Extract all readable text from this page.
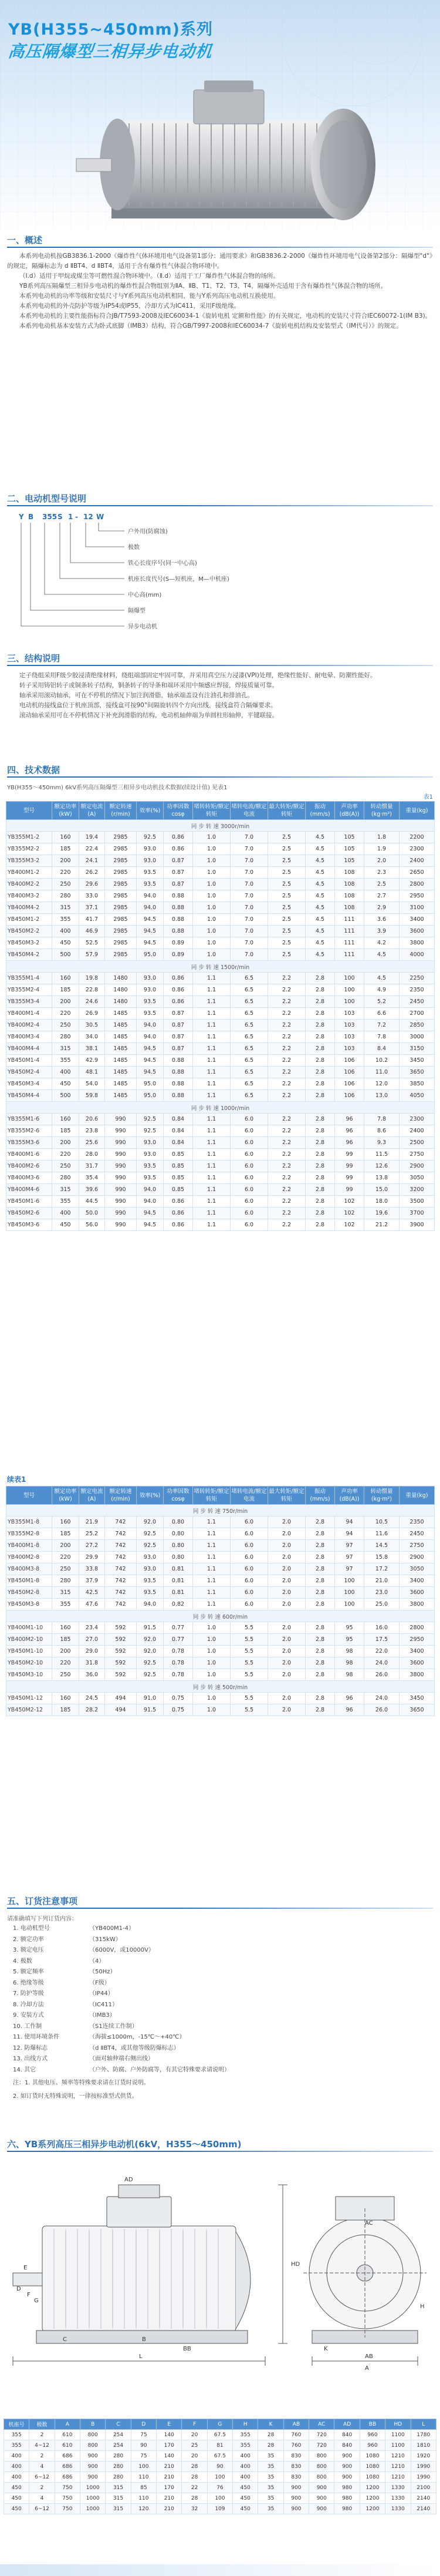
YB(H355~450mm)系列
高压隔爆型三相异步电动机
一、概述

本系列电动机按GB3836.1-2000《爆炸性气体环境用电气设备第1部分：通用要求》和GB3836.2-2000《爆炸性环境用电气设备第2部分：隔爆型"d"》的规定，隔爆标志为 d ⅡBT4、d ⅡBT4，适用于含有爆炸性气体混合物环境中。

（Ⅰ.d）适用于甲烷或煤尘等可燃性混合物环境中。（Ⅱ.d）适用于工厂爆炸性气体混合物的场所。

YB系列高压隔爆型三相异步电动机的爆炸性混合物组别为ⅡA、ⅡB、T1、T2、T3、T4，隔爆外壳适用于含有爆炸性气体混合物的场所。

本系列电动机的功率等级和安装尺寸与Y系列高压电动机相同，能与Y系列高压电动机互换使用。

本系列电动机的外壳防护等级为IP54或IP55，冷却方式为IC411，采用F级绝缘。

本系列电动机的主要性能指标符合JB/T7593-2008及IEC60034-1《旋转电机 定额和性能》的有关规定，电动机的安装尺寸符合IEC60072-1(IM B3)。

本系列电动机基本安装方式为卧式底脚（IMB3）结构，符合GB/T997-2008和IEC60034-7《旋转电机结构及安装型式（IM代号）》的规定。

二、电动机型号说明
Y B 355 S 1 - 12 W
户外用(防腐蚀)
极数
铁心长度序号(同一中心高)
机座长度代号(S—短机座，M—中机座)
中心高(mm)
隔爆型
异步电动机
三、结构说明

定子绕组采用F级少胶浸渍绝缘材料，绕组端部固定牢固可靠，并采用真空压力浸漆(VPI)处理，绝缘性能好、耐电晕、防潮性能好。

转子采用铸铝转子或铜条转子结构，铜条转子的导条和端环采用中频感应焊接，焊接质量可靠。

轴承采用滚动轴承，可在不停机的情况下加注润滑脂，轴承端盖设有注油孔和排油孔。

电动机的接线盒位于机座顶部，接线盒可按90°间隔旋转四个方向出线，接线盒符合隔爆要求。

滚动轴承采用可在不停机情况下补充润滑脂的结构，电动机轴伸端为单圆柱形轴伸，平键联接。

四、技术数据
YB(H355～450mm) 6kV系列高压隔爆型三相异步电动机技术数据(续设计值) 见表1
表1
型号	额定功率(kW)	额定电流(A)	额定转速(r/min)	效率(%)	功率因数 cosφ	堵转转矩/额定转矩	堵转电流/额定电流	最大转矩/额定转矩	振动(mm/s)	声功率(dB(A))	转动惯量(kg·m²)	重量(kg)
同 步 转 速 3000r/min												
YB355M1-2	160	19.4	2985	92.5	0.86	1.0	7.0	2.5	4.5	105	1.8	2200
YB355M2-2	185	22.4	2985	93.0	0.86	1.0	7.0	2.5	4.5	105	1.9	2300
YB355M3-2	200	24.1	2985	93.0	0.87	1.0	7.0	2.5	4.5	105	2.0	2400
YB400M1-2	220	26.2	2985	93.5	0.87	1.0	7.0	2.5	4.5	108	2.3	2650
YB400M2-2	250	29.6	2985	93.5	0.87	1.0	7.0	2.5	4.5	108	2.5	2800
YB400M3-2	280	33.0	2985	94.0	0.88	1.0	7.0	2.5	4.5	108	2.7	2950
YB400M4-2	315	37.1	2985	94.0	0.88	1.0	7.0	2.5	4.5	108	2.9	3100
YB450M1-2	355	41.7	2985	94.5	0.88	1.0	7.0	2.5	4.5	111	3.6	3400
YB450M2-2	400	46.9	2985	94.5	0.88	1.0	7.0	2.5	4.5	111	3.9	3600
YB450M3-2	450	52.5	2985	94.5	0.89	1.0	7.0	2.5	4.5	111	4.2	3800
YB450M4-2	500	57.9	2985	95.0	0.89	1.0	7.0	2.5	4.5	111	4.5	4000
同 步 转 速 1500r/min												
YB355M1-4	160	19.8	1480	93.0	0.86	1.1	6.5	2.2	2.8	100	4.5	2250
YB355M2-4	185	22.8	1480	93.0	0.86	1.1	6.5	2.2	2.8	100	4.9	2350
YB355M3-4	200	24.6	1480	93.5	0.86	1.1	6.5	2.2	2.8	100	5.2	2450
YB400M1-4	220	26.9	1485	93.5	0.87	1.1	6.5	2.2	2.8	103	6.6	2700
YB400M2-4	250	30.5	1485	94.0	0.87	1.1	6.5	2.2	2.8	103	7.2	2850
YB400M3-4	280	34.0	1485	94.0	0.87	1.1	6.5	2.2	2.8	103	7.8	3000
YB400M4-4	315	38.1	1485	94.5	0.87	1.1	6.5	2.2	2.8	103	8.4	3150
YB450M1-4	355	42.9	1485	94.5	0.88	1.1	6.5	2.2	2.8	106	10.2	3450
YB450M2-4	400	48.1	1485	94.5	0.88	1.1	6.5	2.2	2.8	106	11.0	3650
YB450M3-4	450	54.0	1485	95.0	0.88	1.1	6.5	2.2	2.8	106	12.0	3850
YB450M4-4	500	59.8	1485	95.0	0.88	1.1	6.5	2.2	2.8	106	13.0	4050
同 步 转 速 1000r/min												
YB355M1-6	160	20.6	990	92.5	0.84	1.1	6.0	2.2	2.8	96	7.8	2300
YB355M2-6	185	23.8	990	92.5	0.84	1.1	6.0	2.2	2.8	96	8.6	2400
YB355M3-6	200	25.6	990	93.0	0.84	1.1	6.0	2.2	2.8	96	9.3	2500
YB400M1-6	220	28.0	990	93.0	0.85	1.1	6.0	2.2	2.8	99	11.5	2750
YB400M2-6	250	31.7	990	93.5	0.85	1.1	6.0	2.2	2.8	99	12.6	2900
YB400M3-6	280	35.4	990	93.5	0.85	1.1	6.0	2.2	2.8	99	13.8	3050
YB400M4-6	315	39.6	990	94.0	0.85	1.1	6.0	2.2	2.8	99	15.0	3200
YB450M1-6	355	44.5	990	94.0	0.86	1.1	6.0	2.2	2.8	102	18.0	3500
YB450M2-6	400	50.0	990	94.5	0.86	1.1	6.0	2.2	2.8	102	19.6	3700
YB450M3-6	450	56.0	990	94.5	0.86	1.1	6.0	2.2	2.8	102	21.2	3900
续表1
型号	额定功率(kW)	额定电流(A)	额定转速(r/min)	效率(%)	功率因数 cosφ	堵转转矩/额定转矩	堵转电流/额定电流	最大转矩/额定转矩	振动(mm/s)	声功率(dB(A))	转动惯量(kg·m²)	重量(kg)
同 步 转 速 750r/min												
YB355M1-8	160	21.9	742	92.0	0.80	1.1	6.0	2.0	2.8	94	10.5	2350
YB355M2-8	185	25.2	742	92.5	0.80	1.1	6.0	2.0	2.8	94	11.6	2450
YB400M1-8	200	27.2	742	92.5	0.80	1.1	6.0	2.0	2.8	97	14.5	2750
YB400M2-8	220	29.9	742	93.0	0.80	1.1	6.0	2.0	2.8	97	15.8	2900
YB400M3-8	250	33.8	742	93.0	0.81	1.1	6.0	2.0	2.8	97	17.2	3050
YB450M1-8	280	37.9	742	93.5	0.81	1.1	6.0	2.0	2.8	100	21.0	3400
YB450M2-8	315	42.5	742	93.5	0.81	1.1	6.0	2.0	2.8	100	23.0	3600
YB450M3-8	355	47.6	742	94.0	0.82	1.1	6.0	2.0	2.8	100	25.0	3800
同 步 转 速 600r/min												
YB400M1-10	160	23.4	592	91.5	0.77	1.0	5.5	2.0	2.8	95	16.0	2800
YB400M2-10	185	27.0	592	92.0	0.77	1.0	5.5	2.0	2.8	95	17.5	2950
YB450M1-10	200	29.0	592	92.0	0.78	1.0	5.5	2.0	2.8	98	22.0	3400
YB450M2-10	220	31.8	592	92.5	0.78	1.0	5.5	2.0	2.8	98	24.0	3600
YB450M3-10	250	36.0	592	92.5	0.78	1.0	5.5	2.0	2.8	98	26.0	3800
同 步 转 速 500r/min												
YB450M1-12	160	24.5	494	91.0	0.75	1.0	5.5	2.0	2.8	96	24.0	3450
YB450M2-12	185	28.2	494	91.5	0.75	1.0	5.5	2.0	2.8	96	26.0	3650
五、订货注意事项
请准确填写下列订货内容：
1. 电动机型号	（YB400M1-4）
2. 额定功率	（315kW）
3. 额定电压	（6000V，或10000V）
4. 极数	（4）
5. 额定频率	（50Hz）
6. 绝缘等级	（F级）
7. 防护等级	（IP44）
8. 冷却方法	（IC411）
9. 安装方式	（IMB3）
10. 工作制	（S1连续工作制）
11. 使用环境条件	（海拔≤1000m，-15℃～+40℃）
12. 防爆标志	（d ⅡBT4，或其他等级防爆标志）
13. 出线方式	（面对轴伸端右侧出线）
14. 其它	（户外、防腐、户外防腐等，有其它特殊要求请说明）
注：1. 其他电压、频率等特殊要求请在订货时说明。
2. 如订货时无特殊说明，一律按标准型式供货。
六、YB系列高压三相异步电动机(6kV，H355～450mm)
L
HD
AD
B
C
E
D
A
AB
AC
H
K
BB
F
G
机座号	极数	A	B	C	D	E	F	G	H	K	AB	AC	AD	BB	HD	L
355	2	610	800	254	75	140	20	67.5	355	28	760	720	840	960	1100	1780
355	4~12	610	800	254	90	170	25	81	355	28	760	720	840	960	1100	1810
400	2	686	900	280	75	140	20	67.5	400	35	830	800	900	1080	1210	1920
400	4	686	900	280	100	210	28	90	400	35	830	800	900	1080	1210	1990
400	6~12	686	900	280	110	210	28	100	400	35	830	800	900	1080	1210	1990
450	2	750	1000	315	85	170	22	76	450	35	900	900	980	1200	1330	2100
450	4	750	1000	315	110	210	28	100	450	35	900	900	980	1200	1330	2140
450	6~12	750	1000	315	120	210	32	109	450	35	900	900	980	1200	1330	2140
